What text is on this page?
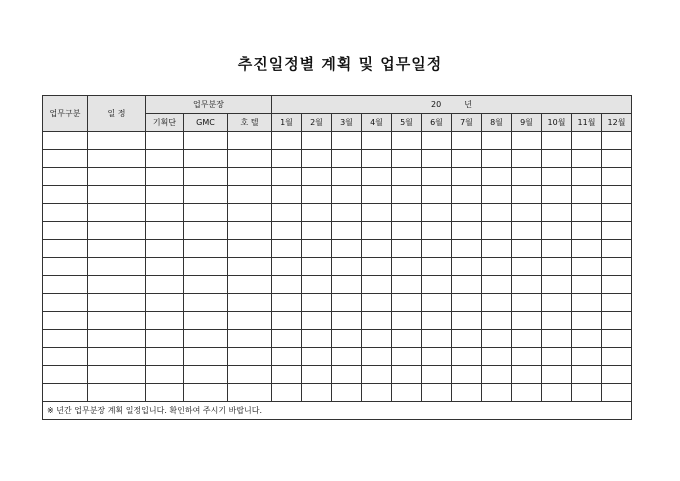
추진일정별 계획 및 업무일정
업무구분	일 정	업무분장			20 년											
		기획단	GMC	호 텔	1월	2월	3월	4월	5월	6월	7월	8월	9월	10월	11월	12월

※ 년간 업무분장 계획 일정입니다. 확인하여 주시기 바랍니다.																
